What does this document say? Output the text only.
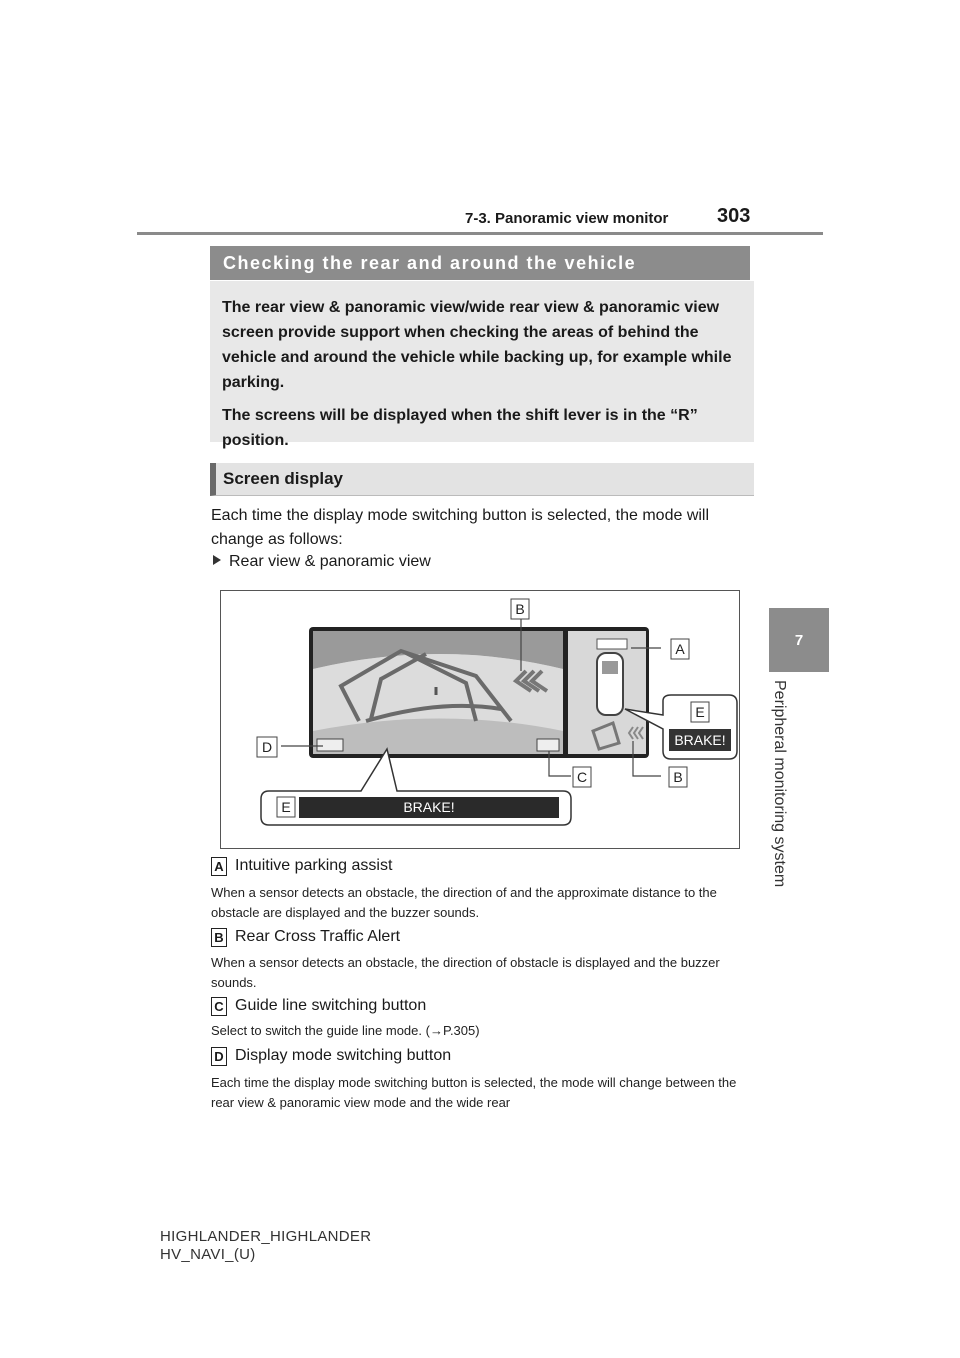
7-3. Panoramic view monitor 303
7
Peripheral monitoring system
Checking the rear and around the vehicle

The rear view & panoramic view/wide rear view & panoramic view screen provide support when checking the areas of behind the vehicle and around the vehicle while backing up, for example while parking.

The screens will be displayed when the shift lever is in the “R” position.

Screen display
Each time the display mode switching button is selected, the mode will change as follows:
Rear view & panoramic view
B
A
D
C	B
E
BRAKE!
E	BRAKE!
A Intuitive parking assist
When a sensor detects an obstacle, the direction of and the approximate distance to the obstacle are displayed and the buzzer sounds.
B Rear Cross Traffic Alert
When a sensor detects an obstacle, the direction of obstacle is displayed and the buzzer sounds.
C Guide line switching button
Select to switch the guide line mode. (→P.305)
D Display mode switching button
Each time the display mode switching button is selected, the mode will change between the rear view & panoramic view mode and the wide rear
HIGHLANDER_HIGHLANDER
HV_NAVI_(U)
